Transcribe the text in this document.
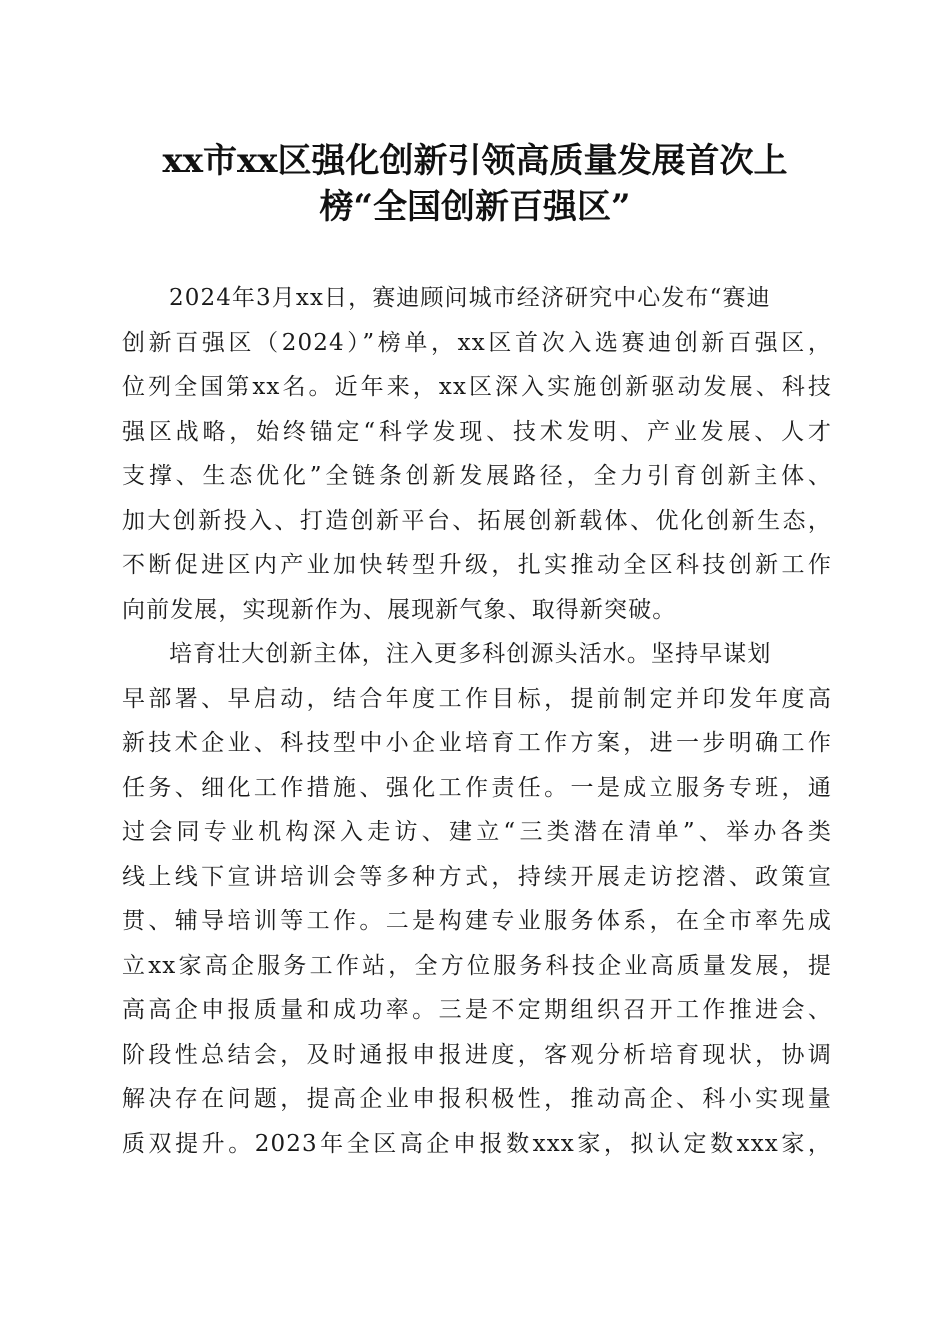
xx市xx区强化创新引领高质量发展首次上
榜“全国创新百强区”
2024年3月xx日，赛迪顾问城市经济研究中心发布“赛迪
创新百强区（2024）”榜单，xx区首次入选赛迪创新百强区，
位列全国第xx名。近年来，xx区深入实施创新驱动发展、科技
强区战略，始终锚定“科学发现、技术发明、产业发展、人才
支撑、生态优化”全链条创新发展路径，全力引育创新主体、
加大创新投入、打造创新平台、拓展创新载体、优化创新生态，
不断促进区内产业加快转型升级，扎实推动全区科技创新工作
向前发展，实现新作为、展现新气象、取得新突破。
培育壮大创新主体，注入更多科创源头活水。坚持早谋划
早部署、早启动，结合年度工作目标，提前制定并印发年度高
新技术企业、科技型中小企业培育工作方案，进一步明确工作
任务、细化工作措施、强化工作责任。一是成立服务专班，通
过会同专业机构深入走访、建立“三类潜在清单”、举办各类
线上线下宣讲培训会等多种方式，持续开展走访挖潜、政策宣
贯、辅导培训等工作。二是构建专业服务体系，在全市率先成
立xx家高企服务工作站，全方位服务科技企业高质量发展，提
高高企申报质量和成功率。三是不定期组织召开工作推进会、
阶段性总结会，及时通报申报进度，客观分析培育现状，协调
解决存在问题，提高企业申报积极性，推动高企、科小实现量
质双提升。2023年全区高企申报数xxx家，拟认定数xxx家，
